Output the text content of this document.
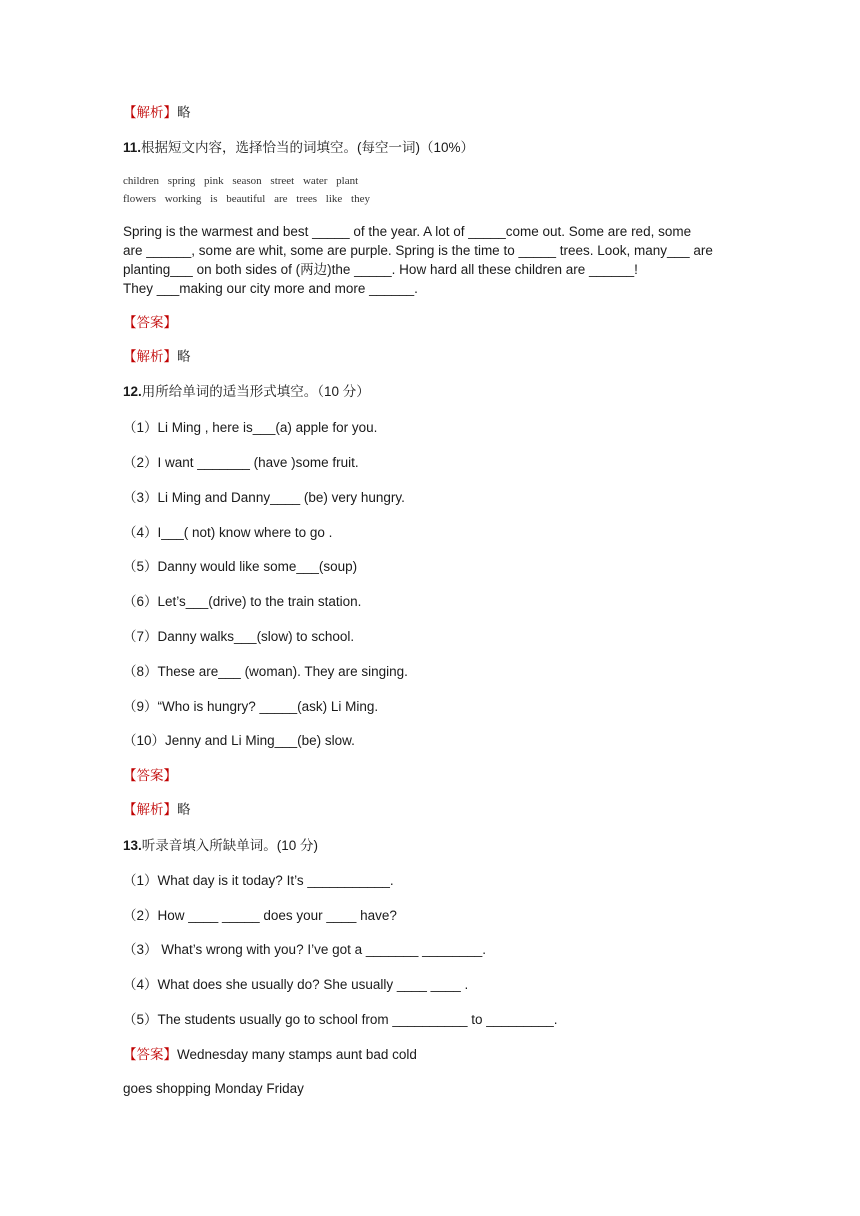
【解析】略
11.根据短文内容，选择恰当的词填空。(每空一词)（10%）
children spring pink season street water plant
flowers working is beautiful are trees like they
Spring is the warmest and best _____ of the year. A lot of _____come out. Some are red, some
are ______, some are whit, some are purple. Spring is the time to _____ trees. Look, many___ are
planting___ on both sides of (两边)the _____. How hard all these children are ______!
They ___making our city more and more ______.
【答案】
【解析】略
12.用所给单词的适当形式填空。（10 分）
（1）Li Ming , here is___(a) apple for you.
（2）I want _______ (have )some fruit.
（3）Li Ming and Danny____ (be) very hungry.
（4）I___( not) know where to go .
（5）Danny would like some___(soup)
（6）Let’s___(drive) to the train station.
（7）Danny walks___(slow) to school.
（8）These are___ (woman). They are singing.
（9）“Who is hungry? _____(ask) Li Ming.
（10）Jenny and Li Ming___(be) slow.
【答案】
【解析】略
13.听录音填入所缺单词。(10 分)
（1）What day is it today? It’s ___________.
（2）How ____ _____ does your ____ have?
（3） What’s wrong with you? I’ve got a _______ ________.
（4）What does she usually do? She usually ____ ____ .
（5）The students usually go to school from __________ to _________.
【答案】Wednesday many stamps aunt bad cold
goes shopping Monday Friday
